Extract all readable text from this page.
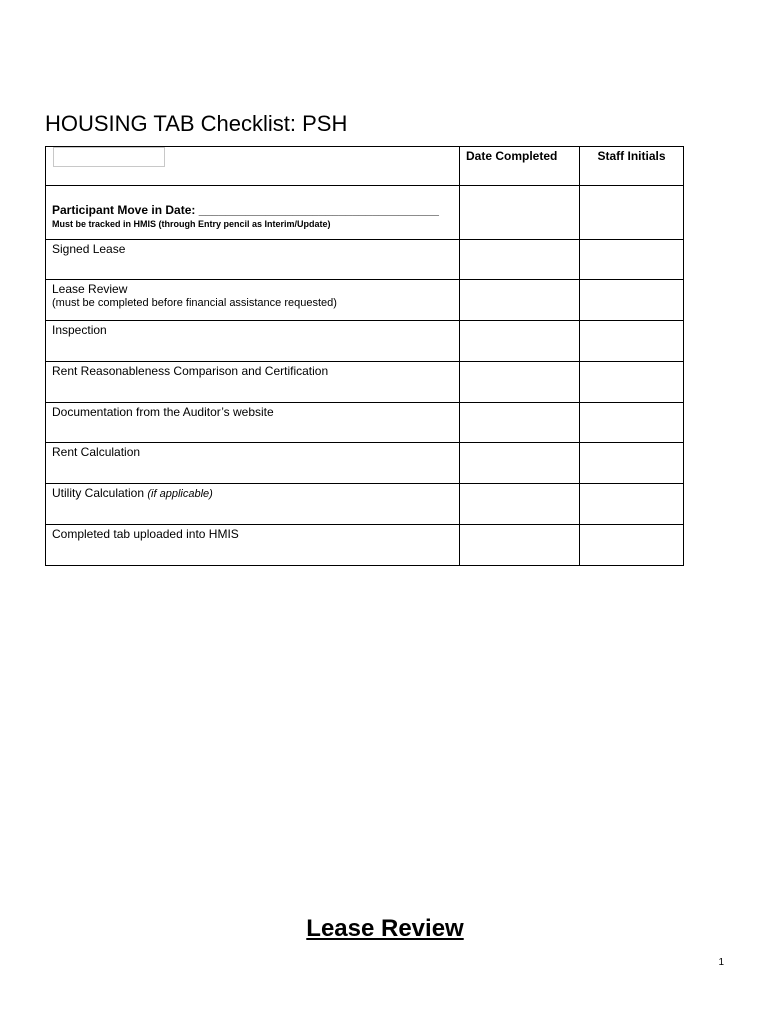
HOUSING TAB Checklist: PSH

	Date Completed	Staff Initials

Participant Move in Date: ____________________________________
Must be tracked in HMIS (through Entry pencil as Interim/Update)		

Signed Lease		

Lease Review
(must be completed before financial assistance requested)		

Inspection		

Rent Reasonableness Comparison and Certification		

Documentation from the Auditor’s website		

Rent Calculation		

Utility Calculation (if applicable)		

Completed tab uploaded into HMIS		

Lease Review
1
